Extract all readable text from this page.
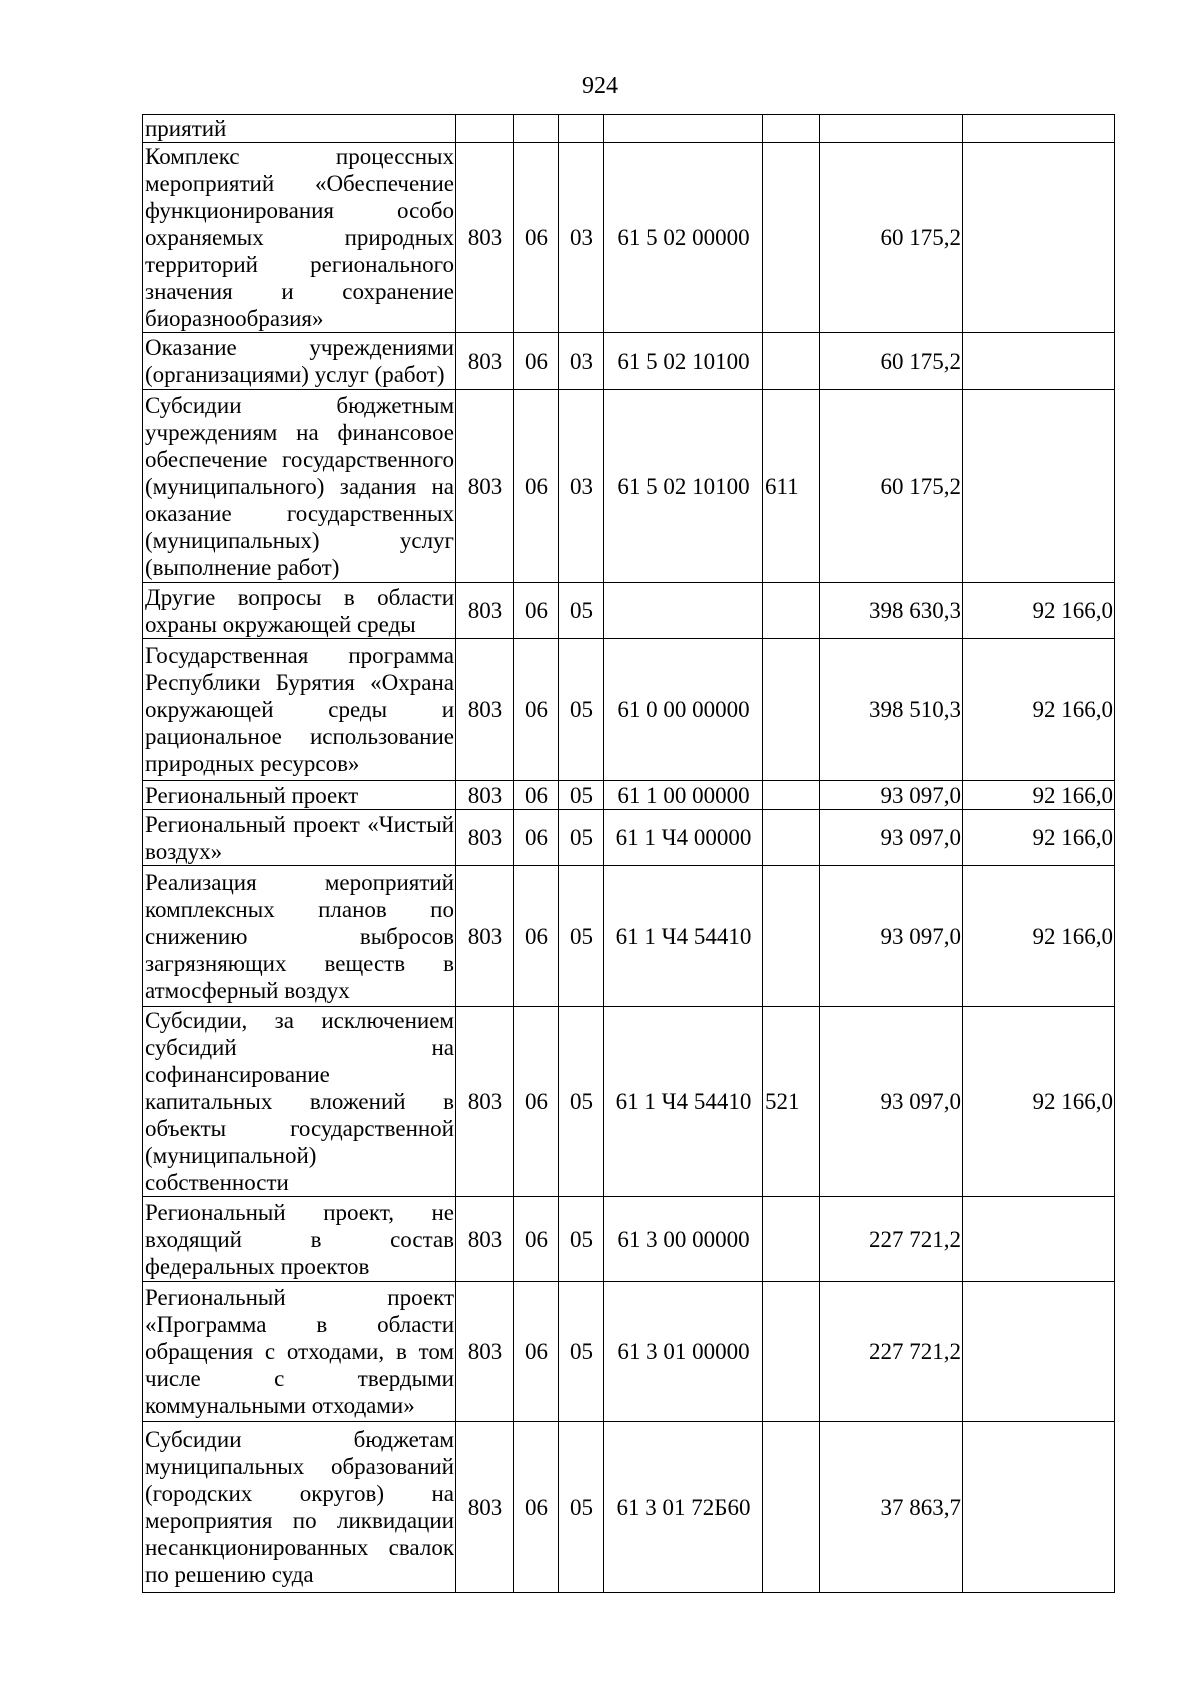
924
приятий							
Комплекс процессных мероприятий «Обеспечение функционирования особо охраняемых природных территорий регионального значения и сохранение биоразнообразия»	803	06	03	61 5 02 00000		60 175,2	
Оказание учреждениями (организациями) услуг (работ)	803	06	03	61 5 02 10100		60 175,2	
Субсидии бюджетным учреждениям на финансовое обеспечение государственного (муниципального) задания на оказание государственных (муниципальных) услуг (выполнение работ)	803	06	03	61 5 02 10100	611	60 175,2	
Другие вопросы в области охраны окружающей среды	803	06	05			398 630,3	92 166,0
Государственная программа Республики Бурятия «Охрана окружающей среды и рациональное использование природных ресурсов»	803	06	05	61 0 00 00000		398 510,3	92 166,0
Региональный проект	803	06	05	61 1 00 00000		93 097,0	92 166,0
Региональный проект «Чистый воздух»	803	06	05	61 1 Ч4 00000		93 097,0	92 166,0
Реализация мероприятий комплексных планов по снижению выбросов загрязняющих веществ в атмосферный воздух	803	06	05	61 1 Ч4 54410		93 097,0	92 166,0
Субсидии, за исключением субсидий на софинансирование капитальных вложений в объекты государственной (муниципальной) собственности	803	06	05	61 1 Ч4 54410	521	93 097,0	92 166,0
Региональный проект, не входящий в состав федеральных проектов	803	06	05	61 3 00 00000		227 721,2	
Региональный проект «Программа в области обращения с отходами, в том числе с твердыми коммунальными отходами»	803	06	05	61 3 01 00000		227 721,2	
Субсидии бюджетам муниципальных образований (городских округов) на мероприятия по ликвидации несанкционированных свалок по решению суда	803	06	05	61 3 01 72Б60		37 863,7	
